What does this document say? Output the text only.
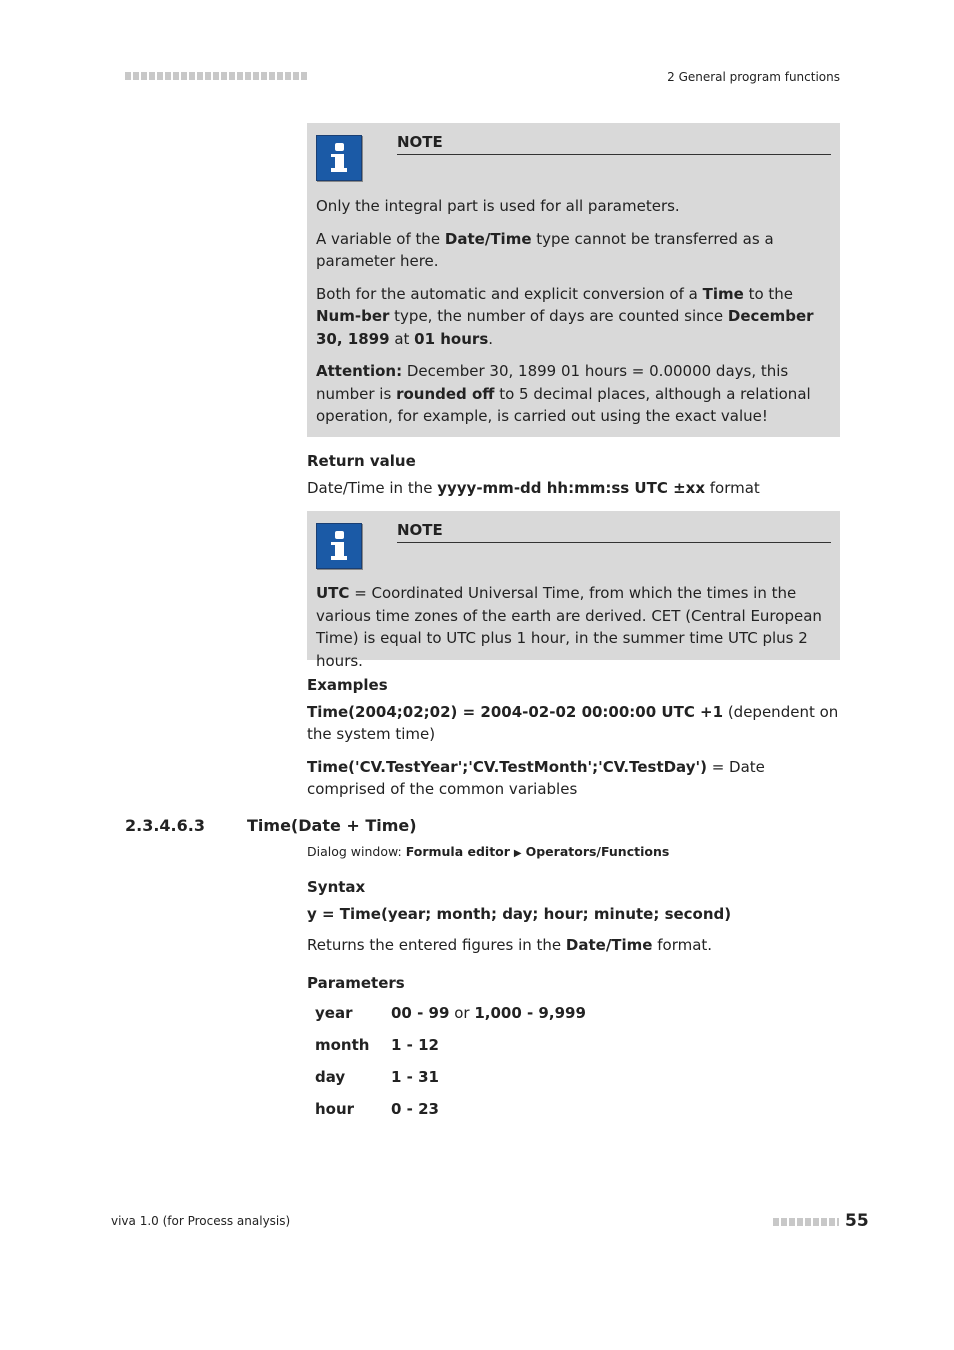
2 General program functions
NOTE

Only the integral part is used for all parameters.

A variable of the Date/Time type cannot be transferred as a parameter here.

Both for the automatic and explicit conversion of a Time to the Num-ber type, the number of days are counted since December 30, 1899 at 01 hours.

Attention: December 30, 1899 01 hours = 0.00000 days, this number is rounded off to 5 decimal places, although a relational operation, for example, is carried out using the exact value!

Return value
Date/Time in the yyyy-mm-dd hh:mm:ss UTC ±xx format
NOTE

UTC = Coordinated Universal Time, from which the times in the various time zones of the earth are derived. CET (Central European Time) is equal to UTC plus 1 hour, in the summer time UTC plus 2 hours.

Examples

Time(2004;02;02) = 2004-02-02 00:00:00 UTC +1 (dependent on the system time)

Time('CV.TestYear';'CV.TestMonth';'CV.TestDay') = Date comprised of the common variables

2.3.4.6.3	Time(Date + Time)
Dialog window: Formula editor ▶ Operators/Functions
Syntax
y = Time(year; month; day; hour; minute; second)
Returns the entered figures in the Date/Time format.
Parameters
year	00 - 99 or 1,000 - 9,999
month 1 - 12
day	1 - 31
hour 0 - 23
viva 1.0 (for Process analysis)	55
